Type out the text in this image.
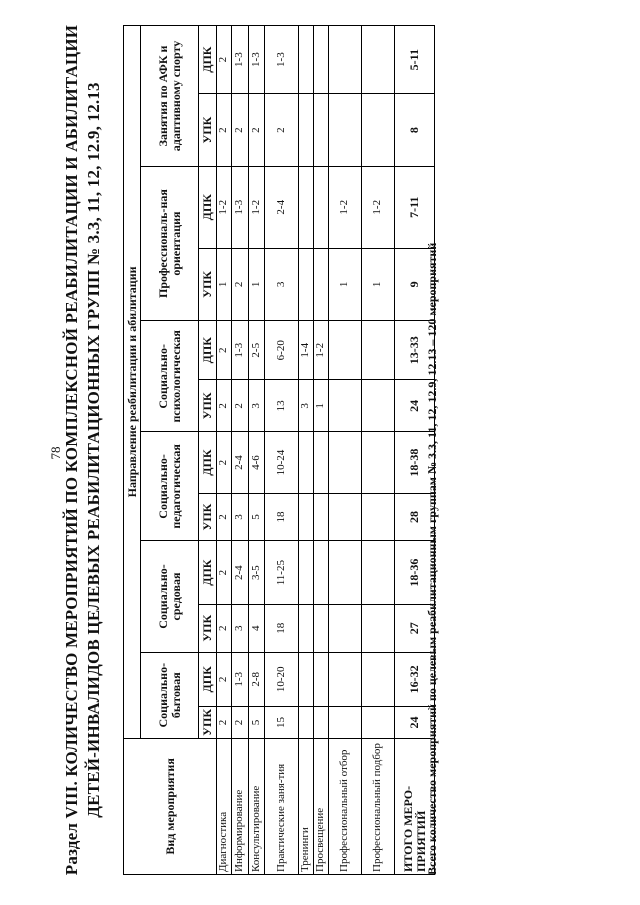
78 Раздел VIII. КОЛИЧЕСТВО МЕРОПРИЯТИЙ ПО КОМПЛЕКСНОЙ РЕАБИЛИТАЦИИ И АБИЛИТАЦИИ ДЕТЕЙ-ИНВАЛИДОВ ЦЕЛЕВЫХ РЕАБИЛИТАЦИОННЫХ ГРУПП № 3.3, 11, 12, 12.9, 12.13	Вид мероприятия	Направление реабилитации и абилитации											
	Социально-бытовая		Социально-средовая		Социально-педагогическая		Социально-психологическая		Профессиональ-ная ориентация		Занятия по АФК и адаптивному спорту	
	УПК	ДПК	УПК	ДПК	УПК	ДПК	УПК	ДПК	УПК	ДПК	УПК	ДПК
Диагностика	2	2	2	2	2	2	2	2	1	1-2	2	2
Информирование	2	1-3	3	2-4	3	2-4	2	1-3	2	1-3	2	1-3
Консультирование	5	2-8	4	3-5	5	4-6	3	2-5	1	1-2	2	1-3
Практические заня-тия	15	10-20	18	11-25	18	10-24	13	6-20	3	2-4	2	1-3
Тренинги							3	1-4				
Просвещение							1	1-2				
Профессиональный отбор									1	1-2		
Профессиональный подбор									1	1-2		
ИТОГО МЕРО-ПРИЯТИЙ	24	16-32	27	18-36	28	18-38	24	13-33	9	7-11	8	5-11
Всего количество мероприятий по целевым реабилитационным группам № 3.3, 11, 12, 12.9, 12.13 – 120 мероприятий
